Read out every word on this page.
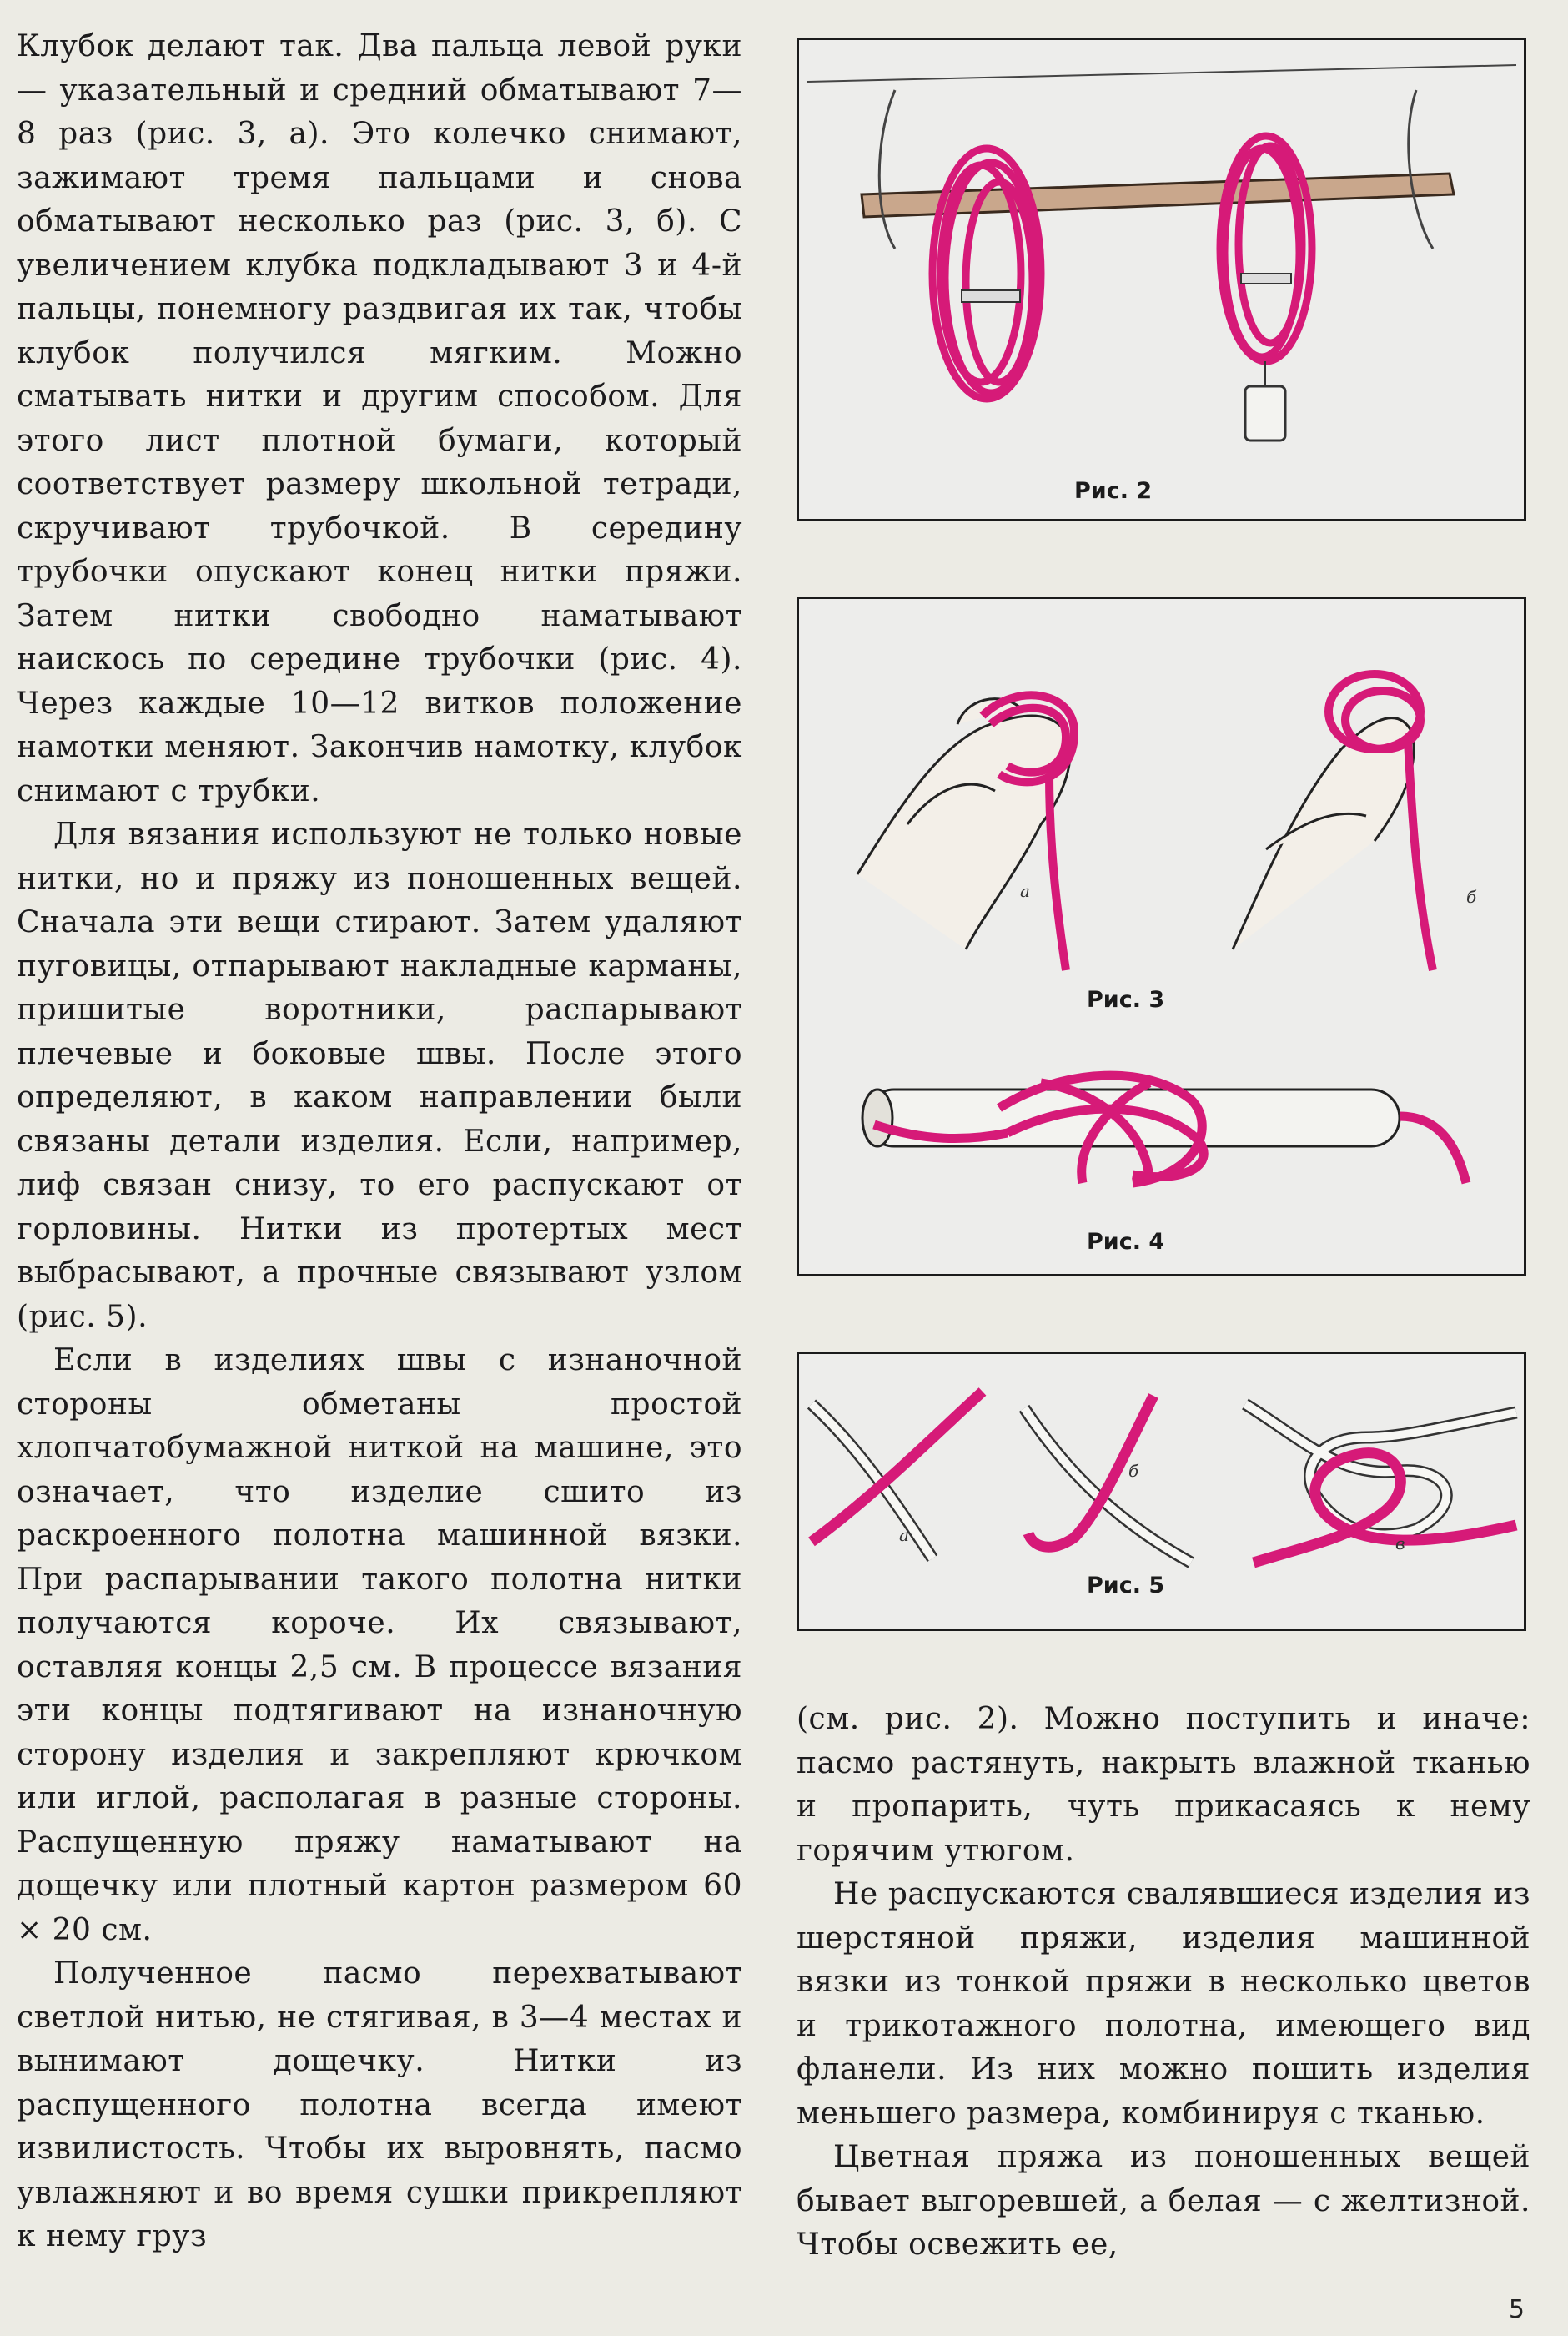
Клубок делают так. Два пальца левой руки — указательный и средний обматывают 7—8 раз (рис. 3, а). Это колечко снимают, зажимают тремя пальцами и снова обматывают несколько раз (рис. 3, б). С увеличением клубка подкладывают 3 и 4-й пальцы, понемногу раздвигая их так, чтобы клубок получился мягким. Можно сматывать нитки и другим способом. Для этого лист плотной бумаги, который соответствует размеру школьной тетради, скручивают трубочкой. В середину трубочки опускают конец нитки пряжи. Затем нитки свободно наматывают наискось по середине трубочки (рис. 4). Через каждые 10—12 витков положение намотки меняют. Закончив намотку, клубок снимают с трубки.

Для вязания используют не только новые нитки, но и пряжу из поношенных вещей. Сначала эти вещи стирают. Затем удаляют пуговицы, отпарывают накладные карманы, пришитые воротники, распарывают плечевые и боковые швы. После этого определяют, в каком направлении были связаны детали изделия. Если, например, лиф связан снизу, то его распускают от горловины. Нитки из протертых мест выбрасывают, а прочные связывают узлом (рис. 5).

Если в изделиях швы с изнаночной стороны обметаны простой хлопчатобумажной ниткой на машине, это означает, что изделие сшито из раскроенного полотна машинной вязки. При распарывании такого полотна нитки получаются короче. Их связывают, оставляя концы 2,5 см. В процессе вязания эти концы подтягивают на изнаночную сторону изделия и закрепляют крючком или иглой, располагая в разные стороны. Распущенную пряжу наматывают на дощечку или плотный картон размером 60 × 20 см.

Полученное пасмо перехватывают светлой нитью, не стягивая, в 3—4 местах и вынимают дощечку. Нитки из распущенного полотна всегда имеют извилистость. Чтобы их выровнять, пасмо увлажняют и во время сушки прикрепляют к нему груз

Рис. 2
а	б
Рис. 3
Рис. 4
а
б
в
Рис. 5

(см. рис. 2). Можно поступить и иначе: пасмо растянуть, накрыть влажной тканью и пропарить, чуть прикасаясь к нему горячим утюгом.

Не распускаются свалявшиеся изделия из шерстяной пряжи, изделия машинной вязки из тонкой пряжи в несколько цветов и трикотажного полотна, имеющего вид фланели. Из них можно пошить изделия меньшего размера, комбинируя с тканью.

Цветная пряжа из поношенных вещей бывает выгоревшей, а белая — с желтизной. Чтобы освежить ее,

5
